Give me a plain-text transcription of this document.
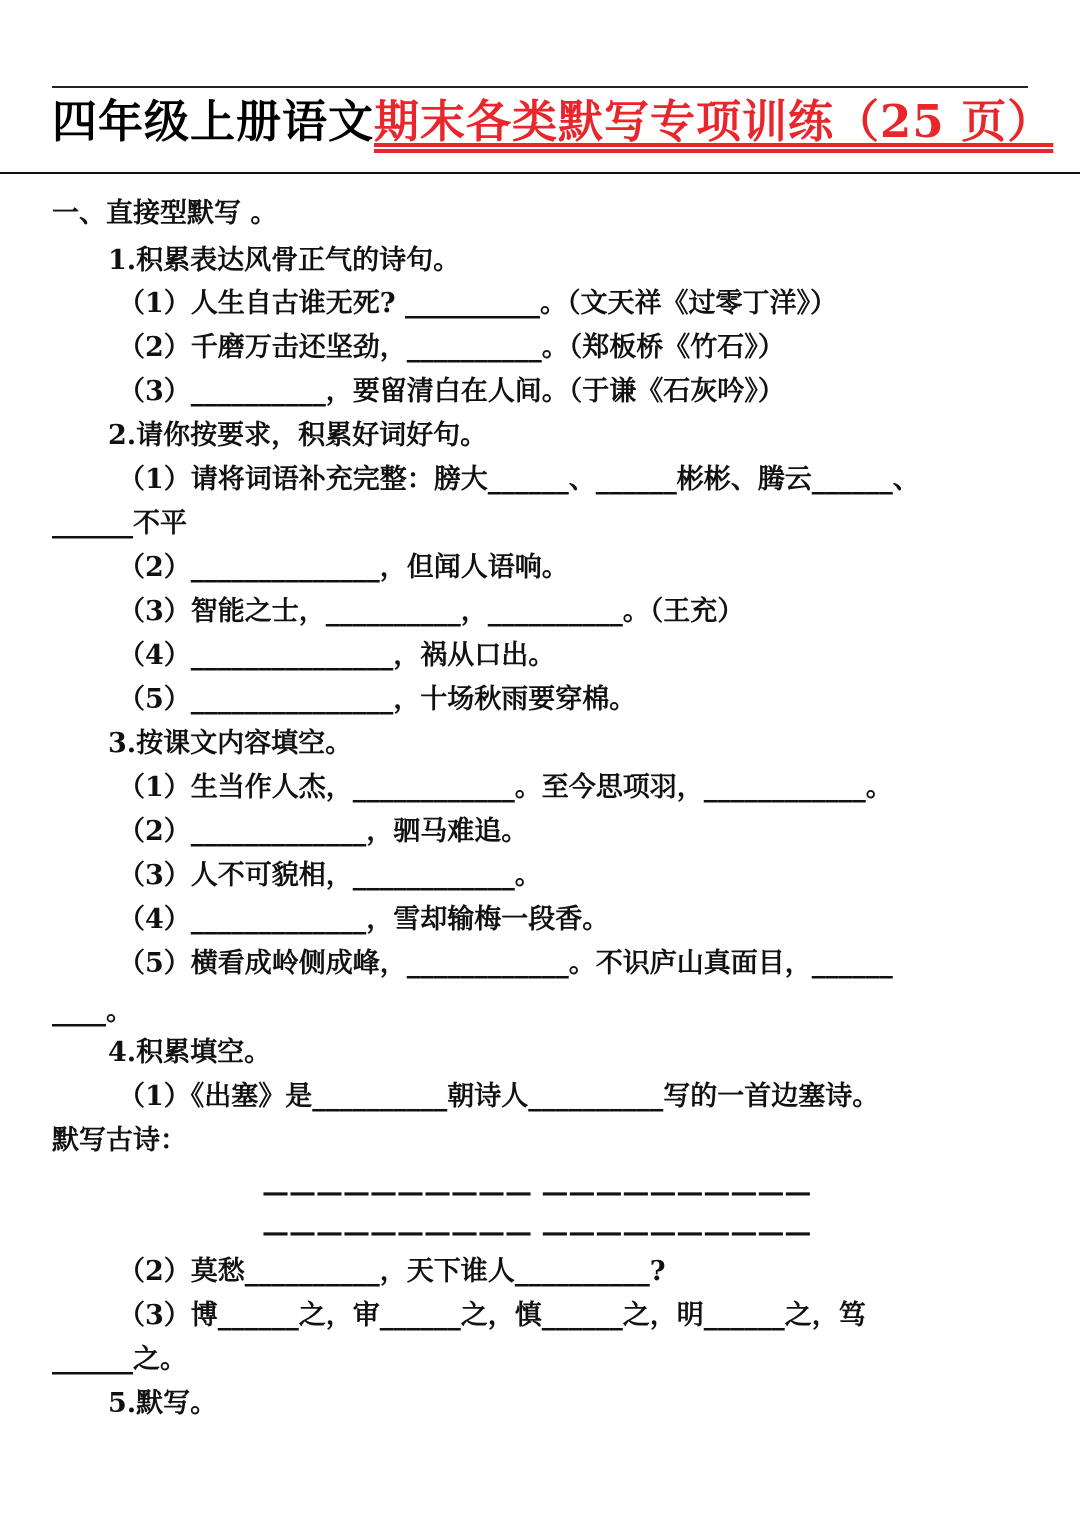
四年级上册语文期末各类默写专项训练（25 页）
一、直接型默写 。
1.积累表达风骨正气的诗句。
（1）人生自古谁无死? __________。（文天祥《过零丁洋》）
（2）千磨万击还坚劲，__________。（郑板桥《竹石》）
（3）__________，要留清白在人间。（于谦《石灰吟》）
2.请你按要求，积累好词好句。
（1）请将词语补充完整：膀大______、______彬彬、腾云______、
______不平
（2）______________，但闻人语响。
（3）智能之士，__________，__________。（王充）
（4）_______________，祸从口出。
（5）_______________，十场秋雨要穿棉。
3.按课文内容填空。
（1）生当作人杰，____________。至今思项羽，____________。
（2）_____________，驷马难追。
（3）人不可貌相，____________。
（4）_____________，雪却输梅一段香。
（5）横看成岭侧成峰，____________。不识庐山真面目，______
____。
4.积累填空。
（1）《出塞》是__________朝诗人__________写的一首边塞诗。
默写古诗：
—————————— ——————————
—————————— ——————————
（2）莫愁__________，天下谁人__________?
（3）博______之，审______之，慎______之，明______之，笃
______之。
5.默写。
